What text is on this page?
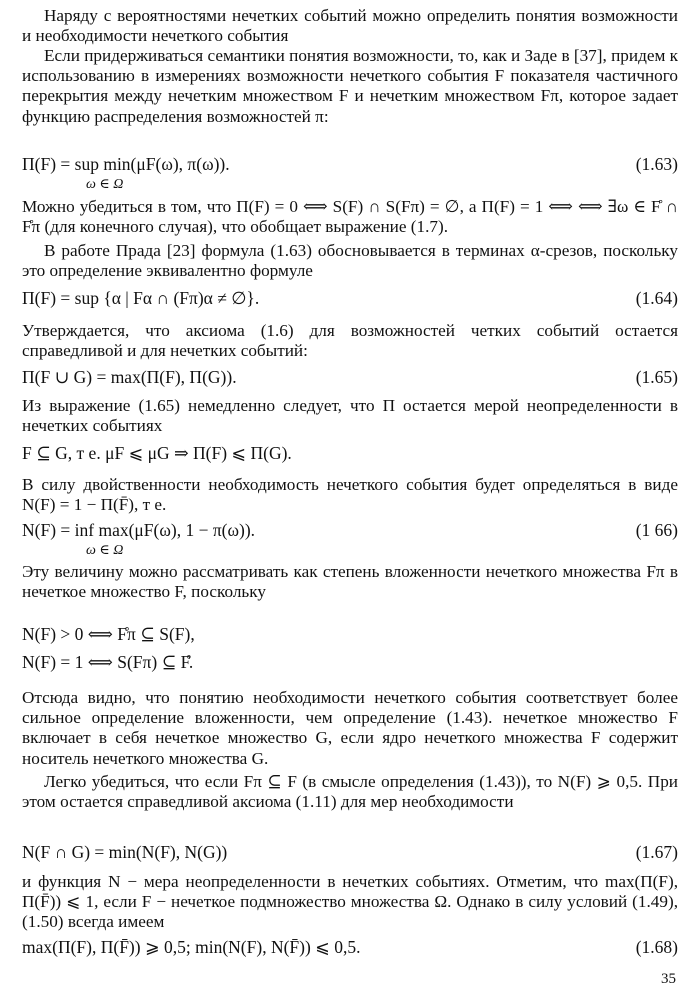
Наряду с вероятностями нечетких событий можно определить понятия возможности и необходимости нечеткого события

Если придерживаться семантики понятия возможности, то, как и Заде в [37], придем к использованию в измерениях возможности нечеткого события F показателя частичного перекрытия между нечетким множеством F и нечетким множеством Fπ, которое задает функцию распределения возможностей π:

Π(F) = sup min(μF(ω), π(ω)).
ω ∈ Ω
(1.63)

Можно убедиться в том, что Π(F) = 0 ⟺ S(F) ∩ S(Fπ) = ∅, а Π(F) = 1 ⟺ ⟺ ∃ω ∈ F̊ ∩ F̊π (для конечного случая), что обобщает выражение (1.7).

В работе Прада [23] формула (1.63) обосновывается в терминах α-срезов, поскольку это определение эквивалентно формуле

Π(F) = sup {α | Fα ∩ (Fπ)α ≠ ∅}.	(1.64)

Утверждается, что аксиома (1.6) для возможностей четких событий остается справедливой и для нечетких событий:

Π(F ∪ G) = max(Π(F), Π(G)).	(1.65)

Из выражение (1.65) немедленно следует, что Π остается мерой неопределенности в нечетких событиях

F ⊆ G, т е. μF ⩽ μG ⇒ Π(F) ⩽ Π(G).

В силу двойственности необходимость нечеткого события будет определяться в виде N(F) = 1 − Π(F̄), т е.

N(F) = inf max(μF(ω), 1 − π(ω)).
ω ∈ Ω
(1 66)

Эту величину можно рассматривать как степень вложенности нечеткого множества Fπ в нечеткое множество F, поскольку

N(F) > 0 ⟺ F̊π ⊆ S(F),
N(F) = 1 ⟺ S(Fπ) ⊆ F̊.

Отсюда видно, что понятию необходимости нечеткого события соответствует более сильное определение вложенности, чем определение (1.43). нечеткое множество F включает в себя нечеткое множество G, если ядро нечеткого множества F содержит носитель нечеткого множества G.

Легко убедиться, что если Fπ ⊆ F (в смысле определения (1.43)), то N(F) ⩾ 0,5. При этом остается справедливой аксиома (1.11) для мер необходимости

N(F ∩ G) = min(N(F), N(G))	(1.67)

и функция N − мера неопределенности в нечетких событиях. Отметим, что max(Π(F), Π(F̄)) ⩽ 1, если F − нечеткое подмножество множества Ω. Однако в силу условий (1.49), (1.50) всегда имеем

max(Π(F), Π(F̄)) ⩾ 0,5; min(N(F), N(F̄)) ⩽ 0,5.	(1.68)
35
